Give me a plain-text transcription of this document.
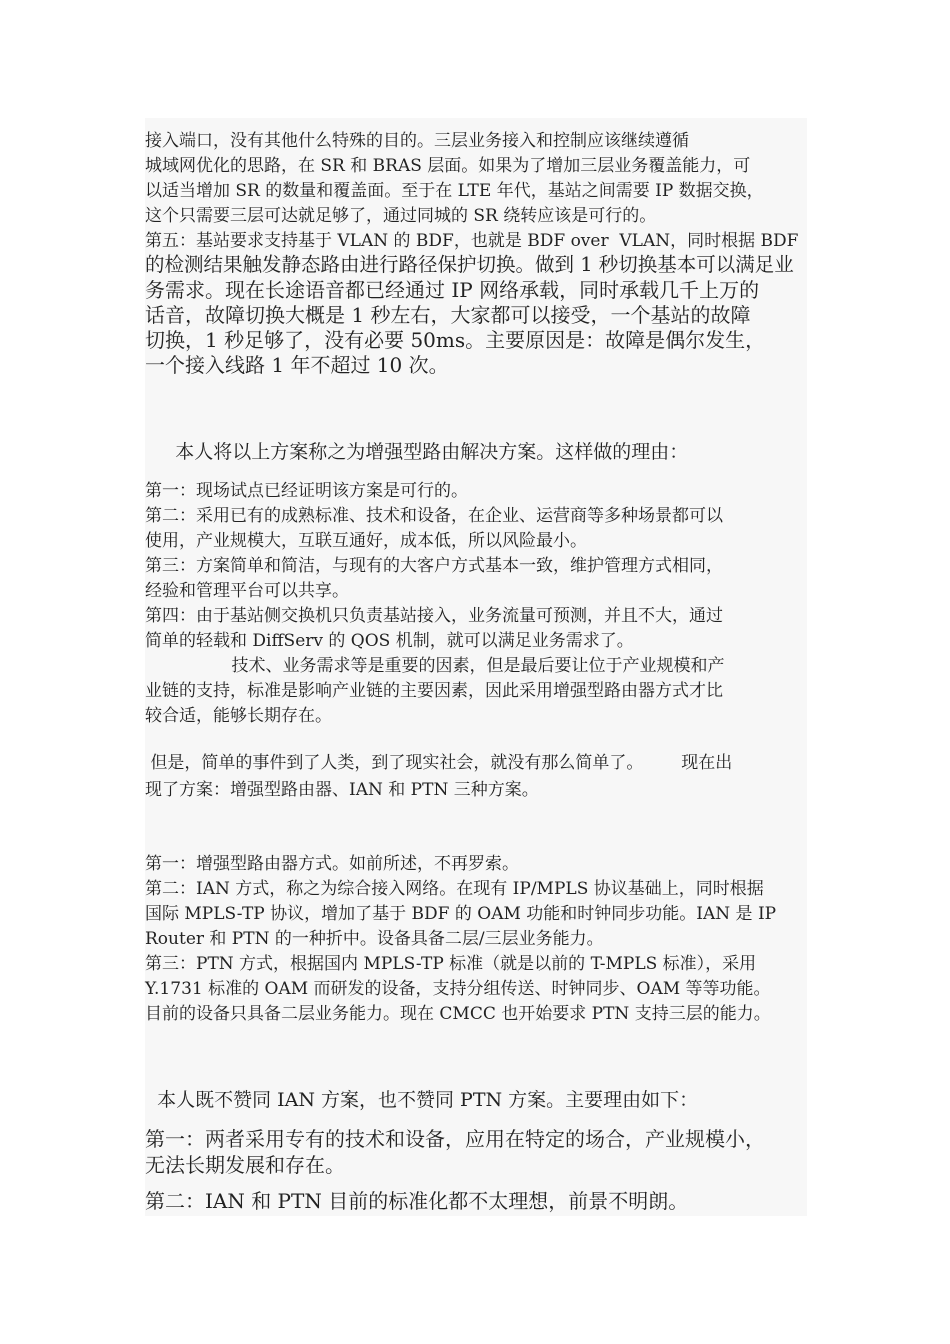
接入端口，没有其他什么特殊的目的。三层业务接入和控制应该继续遵循
城域网优化的思路，在 SR 和 BRAS 层面。如果为了增加三层业务覆盖能力，可
以适当增加 SR 的数量和覆盖面。至于在 LTE 年代，基站之间需要 IP 数据交换，
这个只需要三层可达就足够了，通过同城的 SR 绕转应该是可行的。
第五：基站要求支持基于 VLAN 的 BDF，也就是 BDF over  VLAN，同时根据 BDF
的检测结果触发静态路由进行路径保护切换。做到 1 秒切换基本可以满足业
务需求。现在长途语音都已经通过 IP 网络承载，同时承载几千上万的
话音，故障切换大概是 1 秒左右，大家都可以接受，一个基站的故障
切换，1 秒足够了，没有必要 50ms。主要原因是：故障是偶尔发生，
一个接入线路 1 年不超过 10 次。
本人将以上方案称之为增强型路由解决方案。这样做的理由：
第一：现场试点已经证明该方案是可行的。
第二：采用已有的成熟标准、技术和设备，在企业、运营商等多种场景都可以
使用，产业规模大，互联互通好，成本低，所以风险最小。
第三：方案简单和简洁，与现有的大客户方式基本一致，维护管理方式相同，
经验和管理平台可以共享。
第四：由于基站侧交换机只负责基站接入，业务流量可预测，并且不大，通过
简单的轻载和 DiffServ 的 QOS 机制，就可以满足业务需求了。
技术、业务需求等是重要的因素，但是最后要让位于产业规模和产
业链的支持，标准是影响产业链的主要因素，因此采用增强型路由器方式才比
较合适，能够长期存在。
但是，简单的事件到了人类，到了现实社会，就没有那么简单了。       现在出
现了方案：增强型路由器、IAN 和 PTN 三种方案。
第一：增强型路由器方式。如前所述，不再罗索。
第二：IAN 方式，称之为综合接入网络。在现有 IP/MPLS 协议基础上，同时根据
国际 MPLS-TP 协议，增加了基于 BDF 的 OAM 功能和时钟同步功能。IAN 是 IP
Router 和 PTN 的一种折中。设备具备二层/三层业务能力。
第三：PTN 方式，根据国内 MPLS-TP 标准（就是以前的 T-MPLS 标准），采用
Y.1731 标准的 OAM 而研发的设备，支持分组传送、时钟同步、OAM 等等功能。
目前的设备只具备二层业务能力。现在 CMCC 也开始要求 PTN 支持三层的能力。
本人既不赞同 IAN 方案，也不赞同 PTN 方案。主要理由如下：
第一：两者采用专有的技术和设备，应用在特定的场合，产业规模小，
无法长期发展和存在。
第二：IAN 和 PTN 目前的标准化都不太理想，前景不明朗。
